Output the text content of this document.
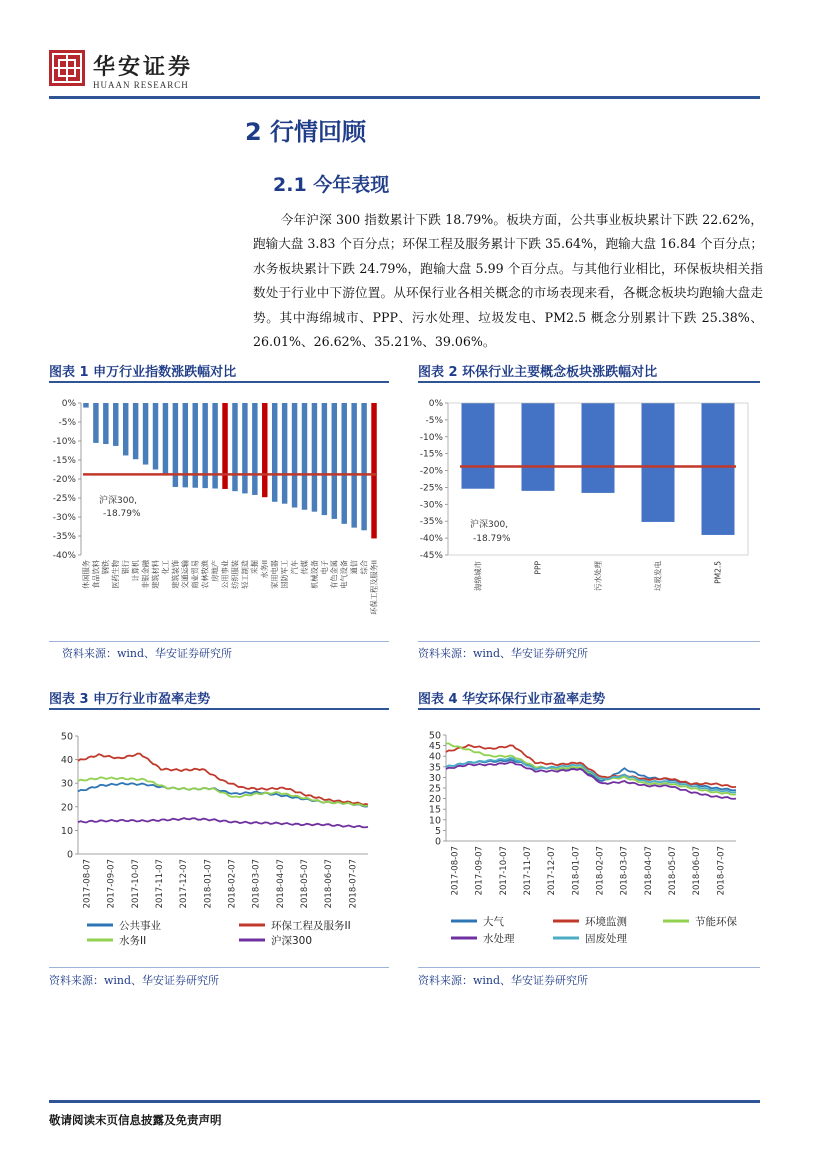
华安证券
HUAAN RESEARCH
2 行情回顾
2.1 今年表现
今年沪深 300 指数累计下跌 18.79%。板块方面，公共事业板块累计下跌 22.62%，跑输大盘 3.83 个百分点；环保工程及服务累计下跌 35.64%，跑输大盘 16.84 个百分点；水务板块累计下跌 24.79%，跑输大盘 5.99 个百分点。与其他行业相比，环保板块相关指数处于行业中下游位置。从环保行业各相关概念的市场表现来看，各概念板块均跑输大盘走势。其中海绵城市、PPP、污水处理、垃圾发电、PM2.5 概念分别累计下跌 25.38%、26.01%、26.62%、35.21%、39.06%。
图表 1 申万行业指数涨跌幅对比	图表 2 环保行业主要概念板块涨跌幅对比
0%
-5%
-10%
-15%
-20%
-25%
-30%
-35%
-40%
休闲服务 食品饮料 钢铁 医药生物 银行 计算机 非银金融 建筑材料 化工 建筑装饰 交通运输 商业贸易 农林牧渔 房地产 公用事业 纺织服装 轻工制造 采掘 水务II 家用电器 国防军工 汽车 传媒 机械设备 电子 有色金属 电气设备 通信 综合 环保工程及服务II
沪深300,
-18.79%
0%
-5%
-10%
-15%
-20%
-25%
-30%
-35%
-40%
-45%
海绵城市	PPP	污水处理	垃圾发电	PM2.5
沪深300,
-18.79%
资料来源：wind、华安证券研究所	资料来源：wind、华安证券研究所
图表 3 申万行业市盈率走势	图表 4 华安环保行业市盈率走势
0
10
20
30
40
50
2017-08-07 2017-09-07 2017-10-07 2017-11-07 2017-12-07 2018-01-07 2018-02-07 2018-03-07 2018-04-07 2018-05-07 2018-06-07 2018-07-07
公共事业	环保工程及服务II
水务II	沪深300
0
5
10
15
20
25
30
35
40
45
50
2017-08-07 2017-09-07 2017-10-07 2017-11-07 2017-12-07 2018-01-07 2018-02-07 2018-03-07 2018-04-07 2018-05-07 2018-06-07 2018-07-07
大气	环境监测	节能环保
水处理	固废处理
资料来源：wind、华安证券研究所	资料来源：wind、华安证券研究所
敬请阅读末页信息披露及免责声明
